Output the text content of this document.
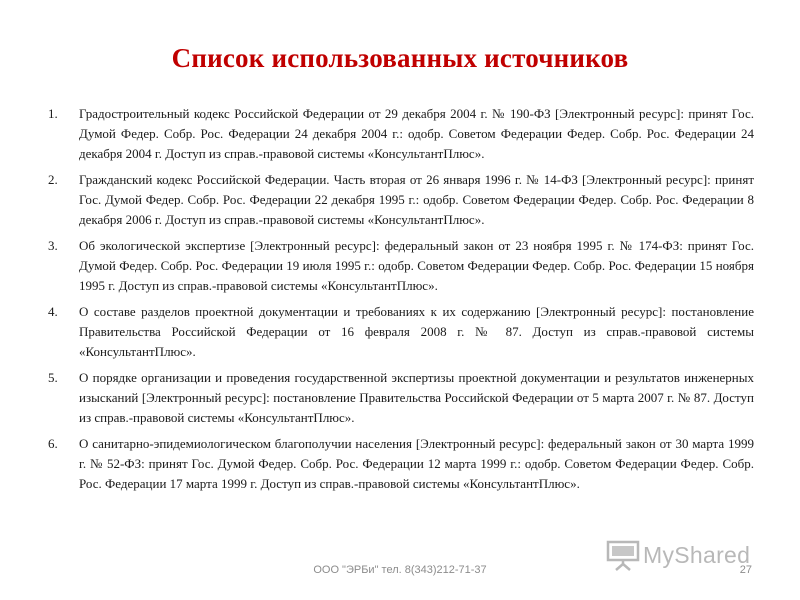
Список использованных источников
1. Градостроительный кодекс Российской Федерации от 29 декабря 2004 г. № 190-ФЗ [Электронный ресурс]: принят Гос. Думой Федер. Собр. Рос. Федерации 24 декабря 2004 г.: одобр. Советом Федерации Федер. Собр. Рос. Федерации 24 декабря 2004 г. Доступ из справ.-правовой системы «КонсультантПлюс».
2. Гражданский кодекс Российской Федерации. Часть вторая от 26 января 1996 г. № 14-ФЗ [Электронный ресурс]: принят Гос. Думой Федер. Собр. Рос. Федерации 22 декабря 1995 г.: одобр. Советом Федерации Федер. Собр. Рос. Федерации 8 декабря 2006 г. Доступ из справ.-правовой системы «КонсультантПлюс».
3. Об экологической экспертизе [Электронный ресурс]: федеральный закон от 23 ноября 1995 г. № 174-ФЗ: принят Гос. Думой Федер. Собр. Рос. Федерации 19 июля 1995 г.: одобр. Советом Федерации Федер. Собр. Рос. Федерации 15 ноября 1995 г. Доступ из справ.-правовой системы «КонсультантПлюс».
4. О составе разделов проектной документации и требованиях к их содержанию [Электронный ресурс]: постановление Правительства Российской Федерации от 16 февраля 2008 г. № 87. Доступ из справ.-правовой системы «КонсультантПлюс».
5. О порядке организации и проведения государственной экспертизы проектной документации и результатов инженерных изысканий [Электронный ресурс]: постановление Правительства Российской Федерации от 5 марта 2007 г. № 87. Доступ из справ.-правовой системы «КонсультантПлюс».
6. О санитарно-эпидемиологическом благополучии населения [Электронный ресурс]: федеральный закон от 30 марта 1999 г. № 52-ФЗ: принят Гос. Думой Федер. Собр. Рос. Федерации 12 марта 1999 г.: одобр. Советом Федерации Федер. Собр. Рос. Федерации 17 марта 1999 г. Доступ из справ.-правовой системы «КонсультантПлюс».
ООО "ЭРБи" тел. 8(343)212-71-37	27
MyShared
